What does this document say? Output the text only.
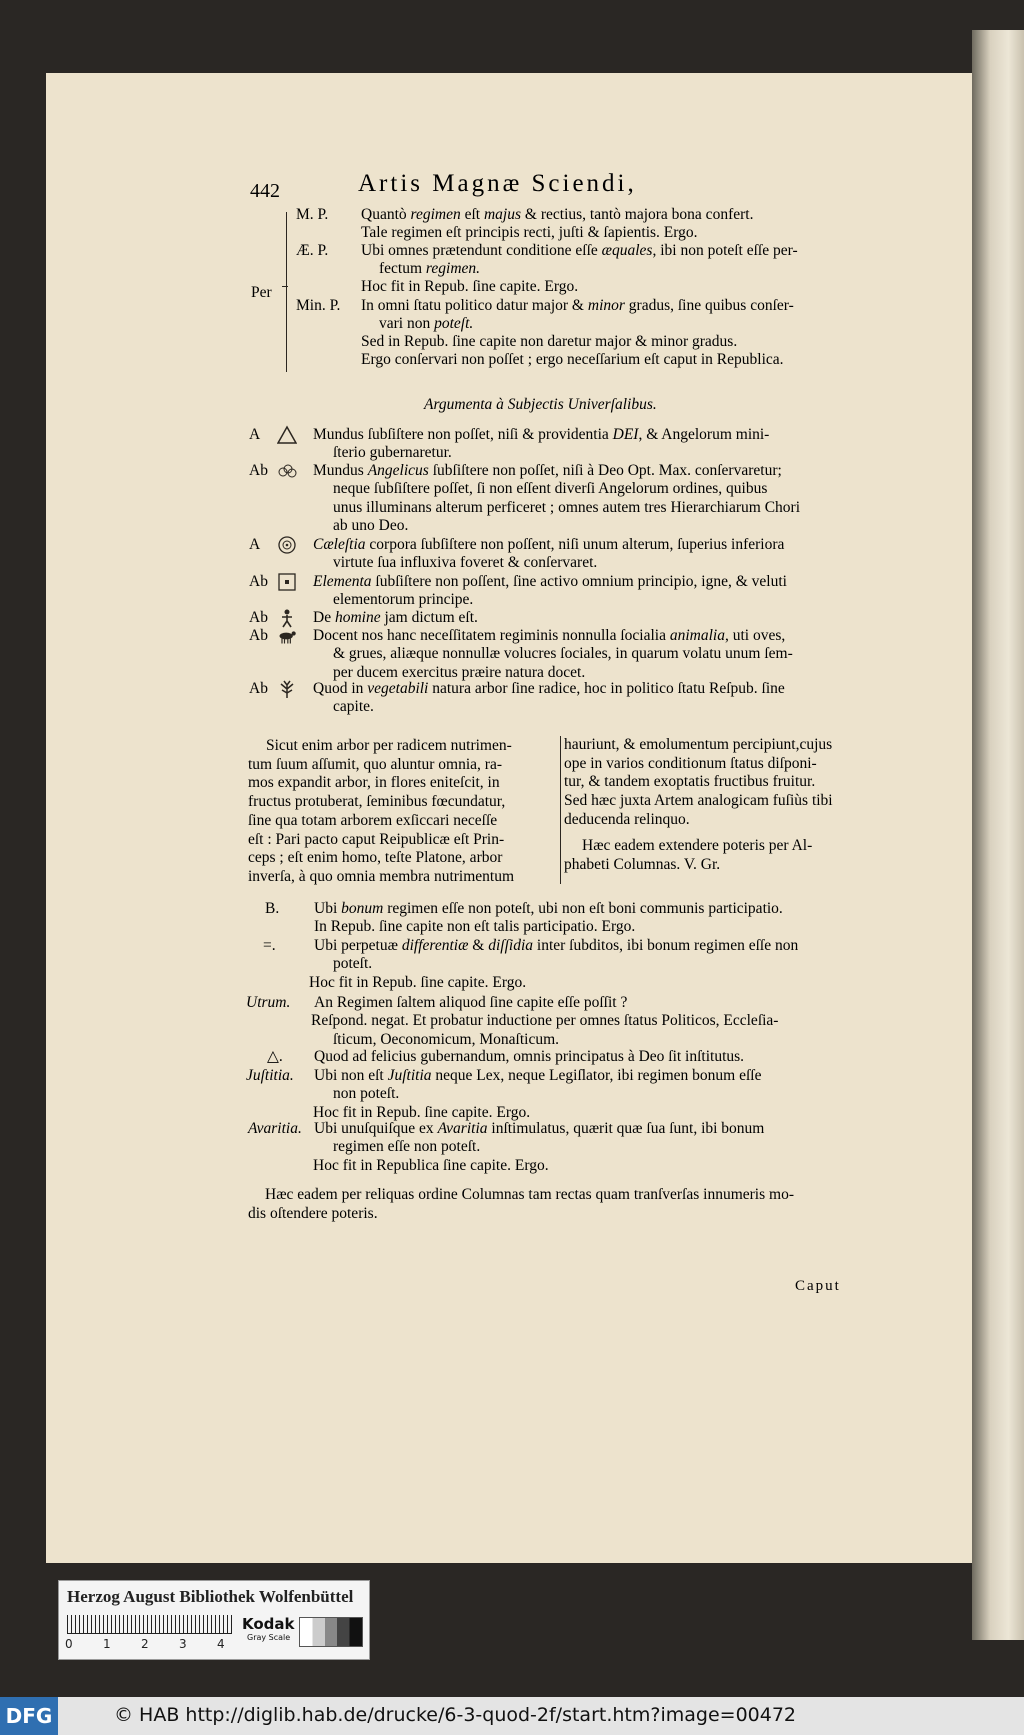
442	Artis Magnæ Sciendi,
Per
M. P. Quantò regimen eſt majus & rectius, tantò majora bona confert.
Tale regimen eſt principis recti, juſti & ſapientis. Ergo.
Æ. P. Ubi omnes prætendunt conditione eſſe æquales, ibi non poteſt eſſe per-
fectum regimen.
Hoc fit in Repub. ſine capite. Ergo.
Min. P. In omni ſtatu politico datur major & minor gradus, ſine quibus conſer-
vari non poteſt.
Sed in Repub. ſine capite non daretur major & minor gradus.
Ergo conſervari non poſſet ; ergo neceſſarium eſt caput in Republica.
Argumenta à Subjectis Univerſalibus.
A	Mundus ſubſiſtere non poſſet, niſi & providentia DEI, & Angelorum mini-
ſterio gubernaretur.
Ab	Mundus Angelicus ſubſiſtere non poſſet, niſi à Deo Opt. Max. conſervaretur;
neque ſubſiſtere poſſet, ſi non eſſent diverſi Angelorum ordines, quibus
unus illuminans alterum perficeret ; omnes autem tres Hierarchiarum Chori
ab uno Deo.
A	Cæleſtia corpora ſubſiſtere non poſſent, niſi unum alterum, ſuperius inferiora
virtute ſua influxiva foveret & conſervaret.
Ab	Elementa ſubſiſtere non poſſent, ſine activo omnium principio, igne, & veluti
elementorum principe.
Ab	De homine jam dictum eſt.
Ab	Docent nos hanc neceſſitatem regiminis nonnulla ſocialia animalia, uti oves,
& grues, aliæque nonnullæ volucres ſociales, in quarum volatu unum ſem-
per ducem exercitus præire natura docet.
Ab	Quod in vegetabili natura arbor ſine radice, hoc in politico ſtatu Reſpub. ſine
capite.
Sicut enim arbor per radicem nutrimen-
tum ſuum aſſumit, quo aluntur omnia, ra-
mos expandit arbor, in flores eniteſcit, in
fructus protuberat, ſeminibus fœcundatur,
ſine qua totam arborem exſiccari neceſſe
eſt : Pari pacto caput Reipublicæ eſt Prin-
ceps ; eſt enim homo, teſte Platone, arbor
inverſa, à quo omnia membra nutrimentum
hauriunt, & emolumentum percipiunt,cujus
ope in varios conditionum ſtatus diſponi-
tur, & tandem exoptatis fructibus fruitur.
Sed hæc juxta Artem analogicam fuſiùs tibi
deducenda relinquo.
Hæc eadem extendere poteris per Al-
phabeti Columnas. V. Gr.
B. Ubi bonum regimen eſſe non poteſt, ubi non eſt boni communis participatio.
In Repub. ſine capite non eſt talis participatio. Ergo.
=. Ubi perpetuæ differentiæ & diſſidia inter ſubditos, ibi bonum regimen eſſe non
poteſt.
Hoc fit in Repub. ſine capite. Ergo.
Utrum. An Regimen ſaltem aliquod ſine capite eſſe poſſit ?
Reſpond. negat. Et probatur inductione per omnes ſtatus Politicos, Eccleſia-
ſticum, Oeconomicum, Monaſticum.
△. Quod ad felicius gubernandum, omnis principatus à Deo ſit inſtitutus.
Juſtitia. Ubi non eſt Juſtitia neque Lex, neque Legiſlator, ibi regimen bonum eſſe
non poteſt.
Hoc fit in Repub. ſine capite. Ergo.
Avaritia. Ubi unuſquiſque ex Avaritia inſtimulatus, quærit quæ ſua ſunt, ibi bonum
regimen eſſe non poteſt.
Hoc fit in Republica ſine capite. Ergo.
Hæc eadem per reliquas ordine Columnas tam rectas quam tranſverſas innumeris mo-
dis oſtendere poteris.
Caput
Herzog August Bibliothek Wolfenbüttel
0	1	2	3	4
Kodak
Gray Scale
DFG	© HAB http://diglib.hab.de/drucke/6-3-quod-2f/start.htm?image=00472
